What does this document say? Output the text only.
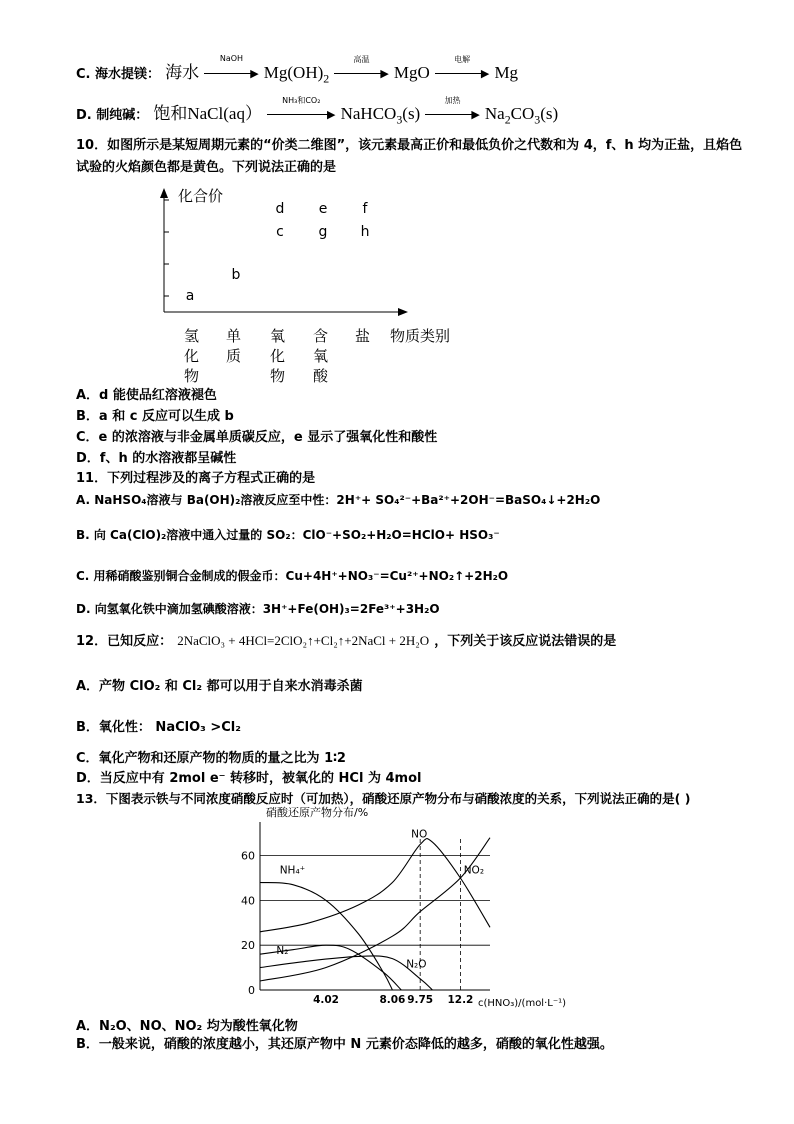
C. 海水提镁： 海水
NaOH
▶ $Mg(OH)_2$
高温
▶ MgO
电解
▶ Mg
D. 制纯碱： 饱和NaCl(aq）
NH₃和CO₂
▶ NaHCO$_3$(s)
加热
▶ $Na_2CO_3(s)$
10．如图所示是某短周期元素的“价类二维图”，该元素最高正价和最低负价之代数和为 4，f、h 均为正盐，且焰色
试验的火焰颜色都是黄色。下列说法正确的是
化合价
物质类别
氢
化
物
单
质
氧
化
物
含
氧
酸
盐
a
b
c
d e
g
f
h
A．d 能使品红溶液褪色
B．a 和 c 反应可以生成 b
C．e 的浓溶液与非金属单质碳反应，e 显示了强氧化性和酸性
D．f、h 的水溶液都呈碱性
11．下列过程涉及的离子方程式正确的是
A. NaHSO₄溶液与 Ba(OH)₂溶液反应至中性：2H⁺+ SO₄²⁻+Ba²⁺+2OH⁻=BaSO₄↓+2H₂O
B. 向 Ca(ClO)₂溶液中通入过量的 SO₂：ClO⁻+SO₂+H₂O=HClO+ HSO₃⁻
C. 用稀硝酸鉴别铜合金制成的假金币：Cu+4H⁺+NO₃⁻=Cu²⁺+NO₂↑+2H₂O
D. 向氢氧化铁中滴加氢碘酸溶液：3H⁺+Fe(OH)₃=2Fe³⁺+3H₂O
12．已知反应： 2NaClO₃ + 4HCl=2ClO₂↑+Cl₂↑+2NaCl + 2H₂O ，下列关于该反应说法错误的是
A．产物 ClO₂ 和 Cl₂ 都可以用于自来水消毒杀菌
B．氧化性： NaClO₃ >Cl₂
C．氧化产物和还原产物的物质的量之比为 1∶2
D．当反应中有 2mol e⁻ 转移时，被氧化的 HCl 为 4mol
13．下图表示铁与不同浓度硝酸反应时（可加热），硝酸还原产物分布与硝酸浓度的关系，下列说法正确的是( )
硝酸还原产物分布/%
0
20
40
60
4.02	8.06 9.75 12.2
NO
NH₄⁺
N₂
N₂O
NO₂
c(HNO₃)/(mol·L⁻¹)
A．N₂O、NO、NO₂ 均为酸性氧化物
B．一般来说，硝酸的浓度越小，其还原产物中 N 元素价态降低的越多，硝酸的氧化性越强。
